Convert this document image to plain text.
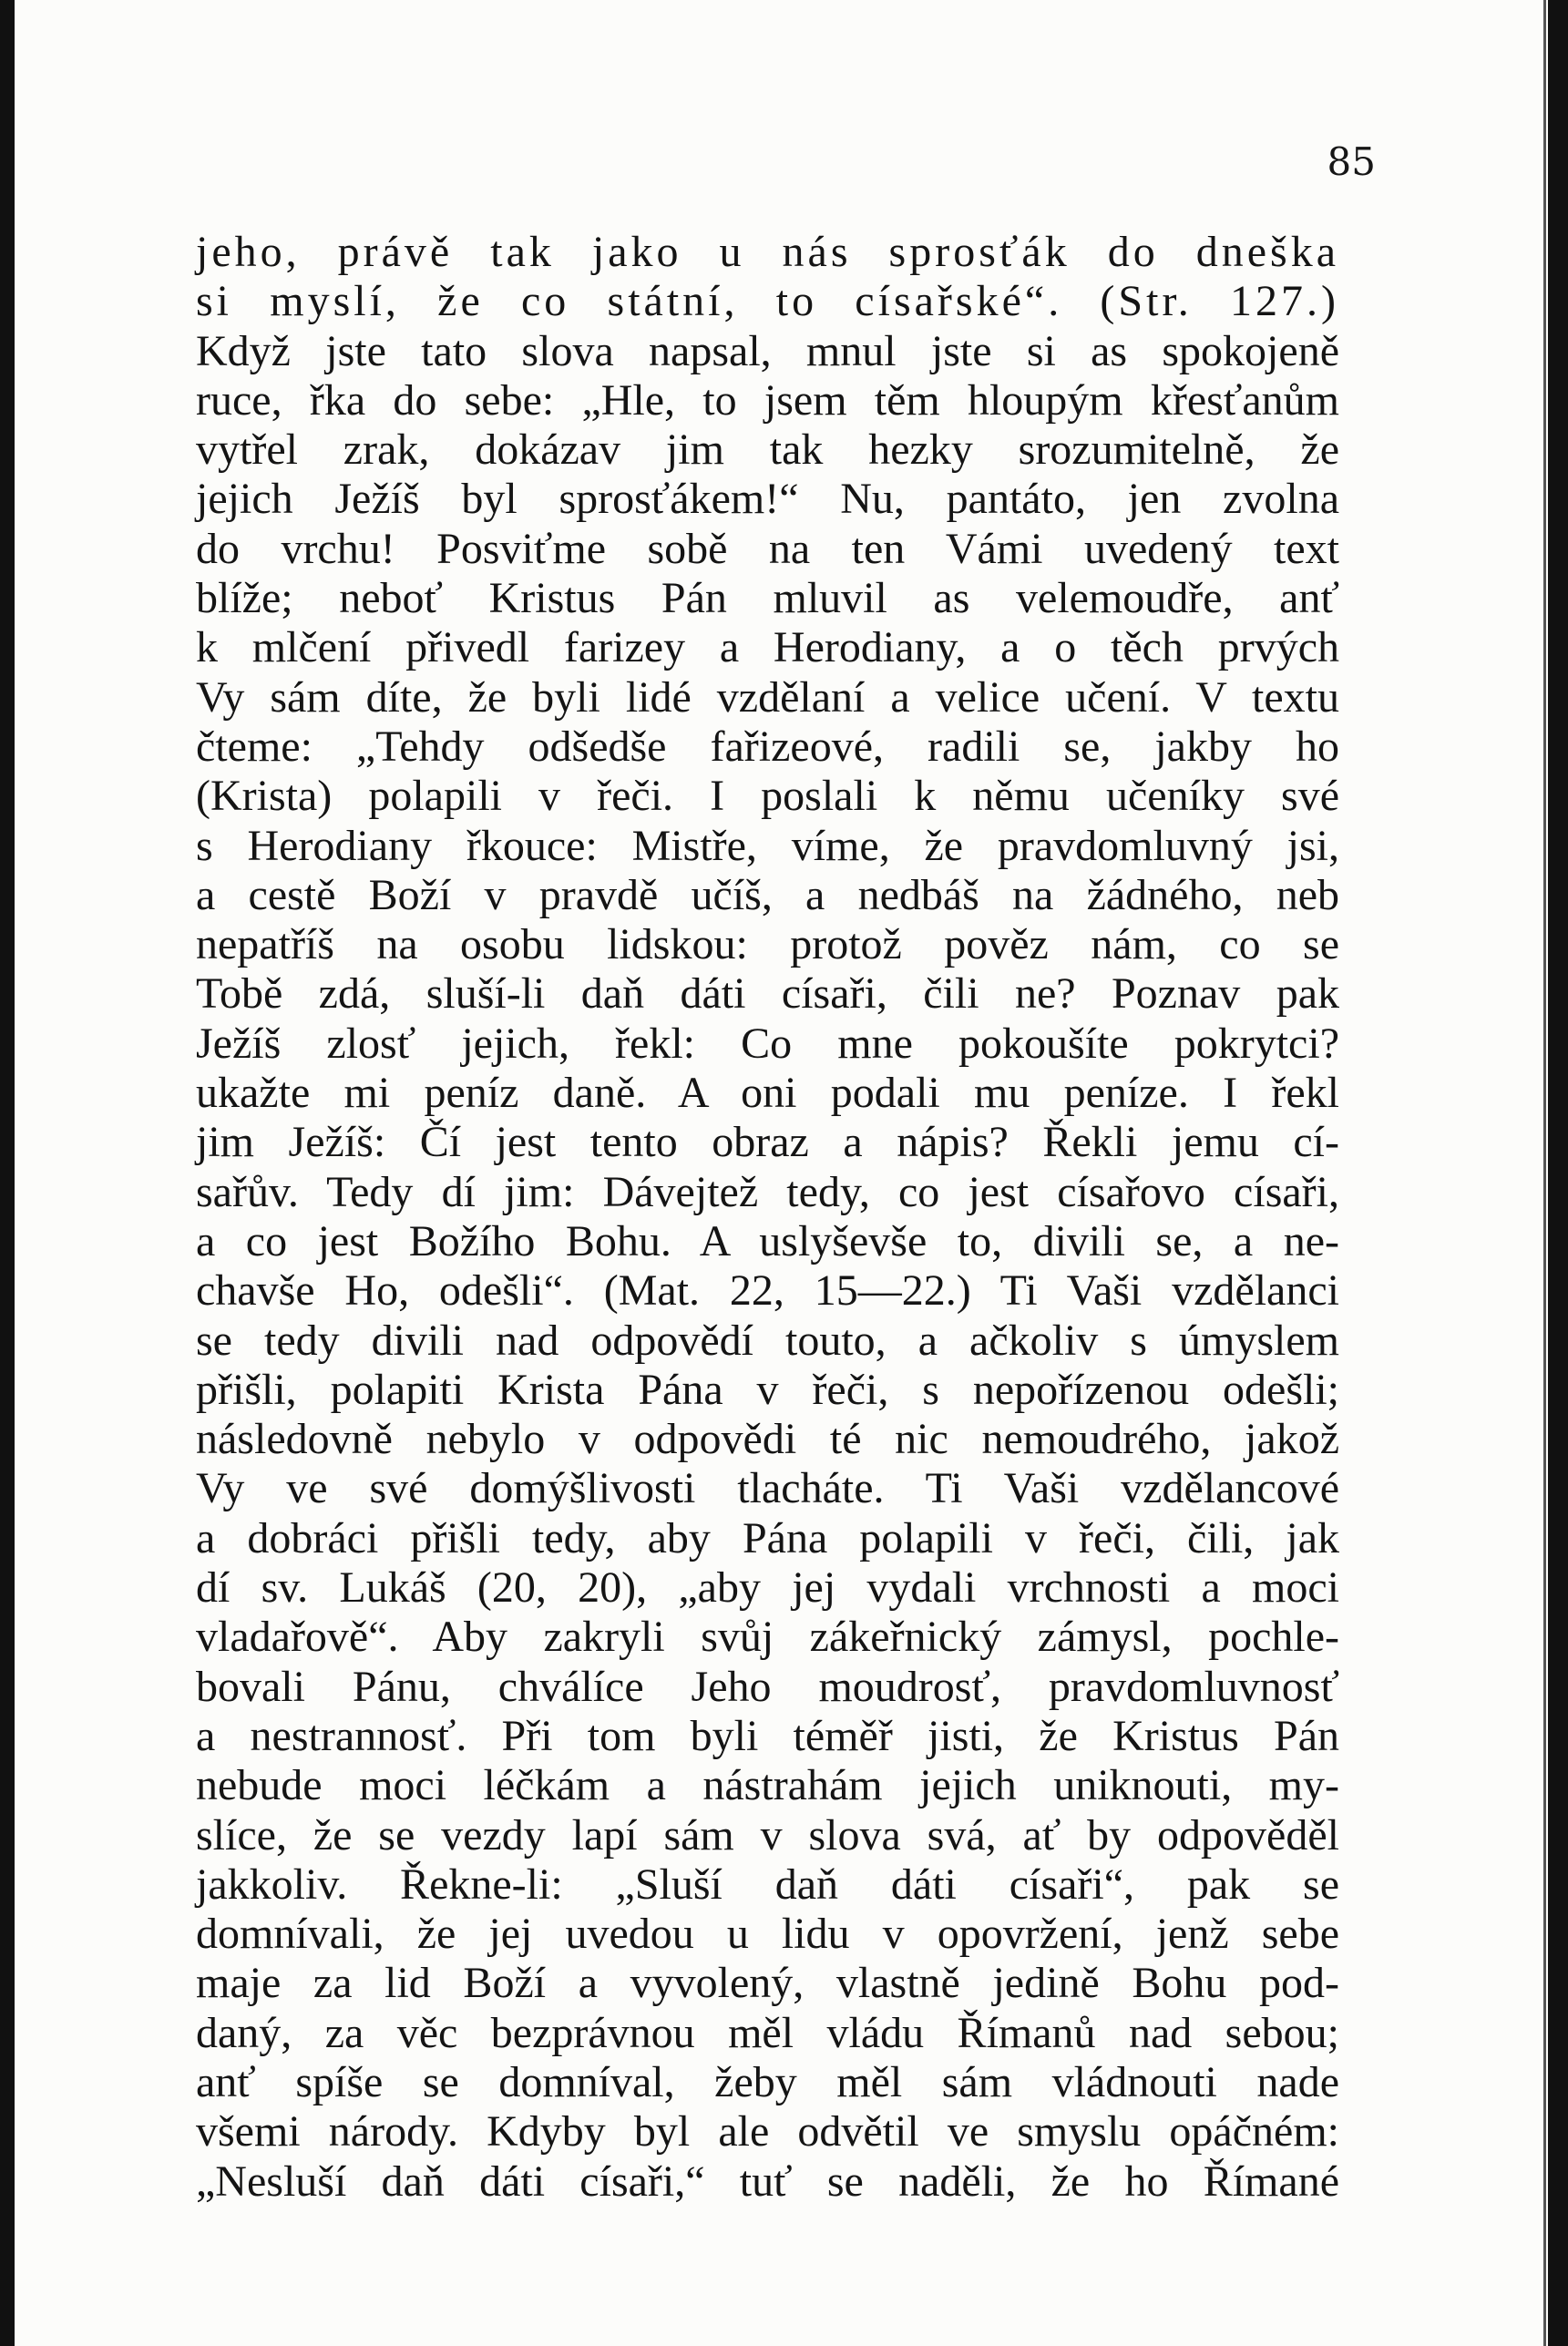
85
jeho, právě tak jako u nás sprosťák do dneška
si myslí, že co státní, to císařské“. (Str. 127.)
Když jste tato slova napsal, mnul jste si as spokojeně
ruce, řka do sebe: „Hle, to jsem těm hloupým křesťanům
vytřel zrak, dokázav jim tak hezky srozumitelně, že
jejich Ježíš byl sprosťákem!“ Nu, pantáto, jen zvolna
do vrchu! Posviťme sobě na ten Vámi uvedený text
blíže; neboť Kristus Pán mluvil as velemoudře, anť
k mlčení přivedl farizey a Herodiany, a o těch prvých
Vy sám díte, že byli lidé vzdělaní a velice učení. V textu
čteme: „Tehdy odšedše fařizeové, radili se, jakby ho
(Krista) polapili v řeči. I poslali k němu učeníky své
s Herodiany řkouce: Mistře, víme, že pravdomluvný jsi,
a cestě Boží v pravdě učíš, a nedbáš na žádného, neb
nepatříš na osobu lidskou: protož pověz nám, co se
Tobě zdá, sluší-li daň dáti císaři, čili ne? Poznav pak
Ježíš zlosť jejich, řekl: Co mne pokoušíte pokrytci?
ukažte mi peníz daně. A oni podali mu peníze. I řekl
jim Ježíš: Čí jest tento obraz a nápis? Řekli jemu cí-
sařův. Tedy dí jim: Dávejtež tedy, co jest císařovo císaři,
a co jest Božího Bohu. A uslyševše to, divili se, a ne-
chavše Ho, odešli“. (Mat. 22, 15—22.) Ti Vaši vzdělanci
se tedy divili nad odpovědí touto, a ačkoliv s úmyslem
přišli, polapiti Krista Pána v řeči, s nepořízenou odešli;
následovně nebylo v odpovědi té nic nemoudrého, jakož
Vy ve své domýšlivosti tlacháte. Ti Vaši vzdělancové
a dobráci přišli tedy, aby Pána polapili v řeči, čili, jak
dí sv. Lukáš (20, 20), „aby jej vydali vrchnosti a moci
vladařově“. Aby zakryli svůj zákeřnický zámysl, pochle-
bovali Pánu, chválíce Jeho moudrosť, pravdomluvnosť
a nestrannosť. Při tom byli téměř jisti, že Kristus Pán
nebude moci léčkám a nástrahám jejich uniknouti, my-
slíce, že se vezdy lapí sám v slova svá, ať by odpověděl
jakkoliv. Řekne-li: „Sluší daň dáti císaři“, pak se
domnívali, že jej uvedou u lidu v opovržení, jenž sebe
maje za lid Boží a vyvolený, vlastně jedině Bohu pod-
daný, za věc bezprávnou měl vládu Římanů nad sebou;
anť spíše se domníval, žeby měl sám vládnouti nade
všemi národy. Kdyby byl ale odvětil ve smyslu opáčném:
„Nesluší daň dáti císaři,“ tuť se naděli, že ho Římané
